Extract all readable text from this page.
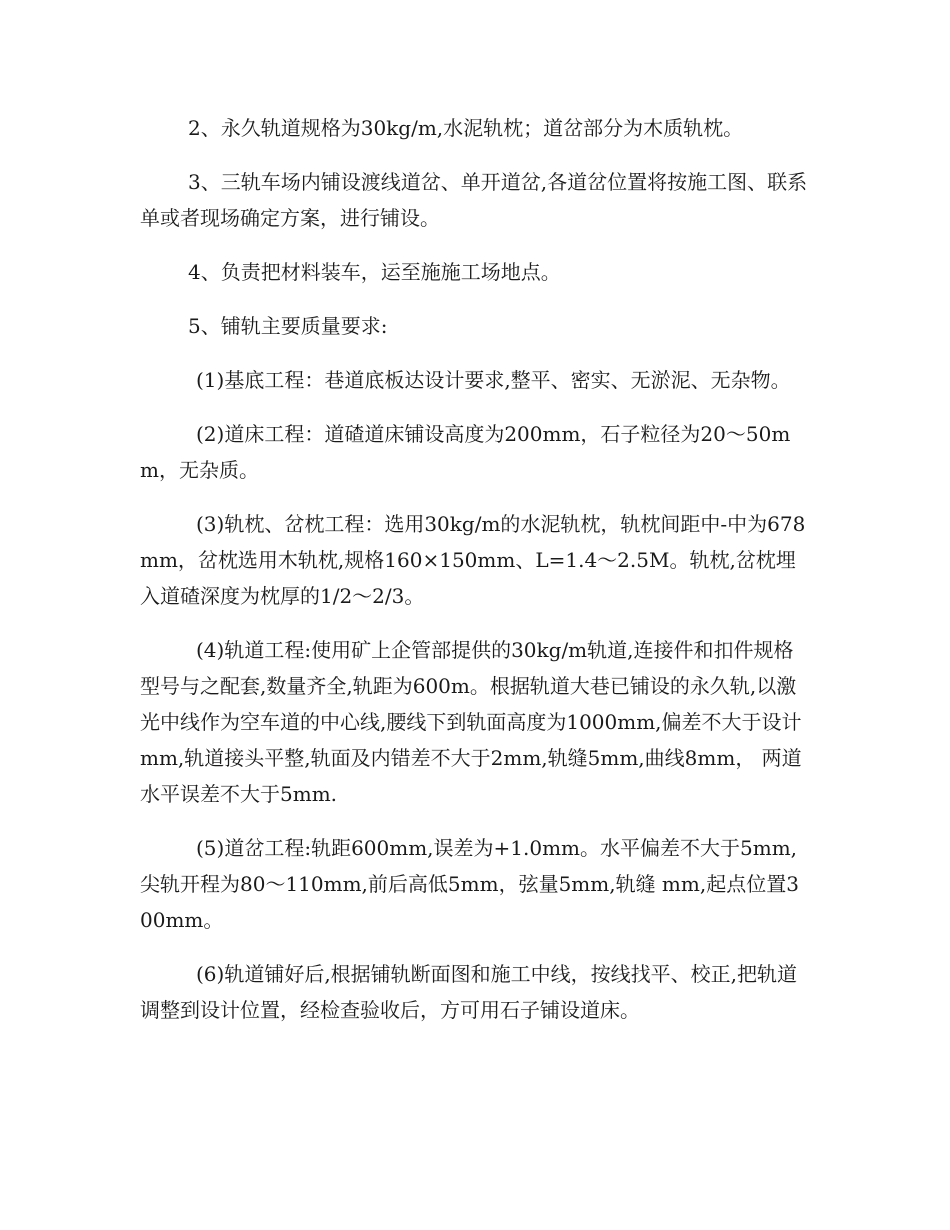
2、永久轨道规格为30kg/m,水泥轨枕；道岔部分为木质轨枕。

3、三轨车场内铺设渡线道岔、单开道岔,各道岔位置将按施工图、联系单或者现场确定方案，进行铺设。

4、负责把材料装车，运至施施工场地点。

5、铺轨主要质量要求:

(1)基底工程：巷道底板达设计要求,整平、密实、无淤泥、无杂物。

(2)道床工程：道碴道床铺设高度为200mm，石子粒径为20～50mm，无杂质。

(3)轨枕、岔枕工程：选用30kg/m的水泥轨枕，轨枕间距中-中为678mm，岔枕选用木轨枕,规格160×150mm、L=1.4～2.5M。轨枕,岔枕埋入道碴深度为枕厚的1/2～2/3。

(4)轨道工程:使用矿上企管部提供的30kg/m轨道,连接件和扣件规格型号与之配套,数量齐全,轨距为600m。根据轨道大巷已铺设的永久轨,以激光中线作为空车道的中心线,腰线下到轨面高度为1000mm,偏差不大于设计 mm,轨道接头平整,轨面及内错差不大于2mm,轨缝5mm,曲线8mm， 两道水平误差不大于5mm.

(5)道岔工程:轨距600mm,误差为+1.0mm。水平偏差不大于5mm,尖轨开程为80～110mm,前后高低5mm，弦量5mm,轨缝 mm,起点位置300mm。

(6)轨道铺好后,根据铺轨断面图和施工中线，按线找平、校正,把轨道调整到设计位置，经检查验收后，方可用石子铺设道床。
